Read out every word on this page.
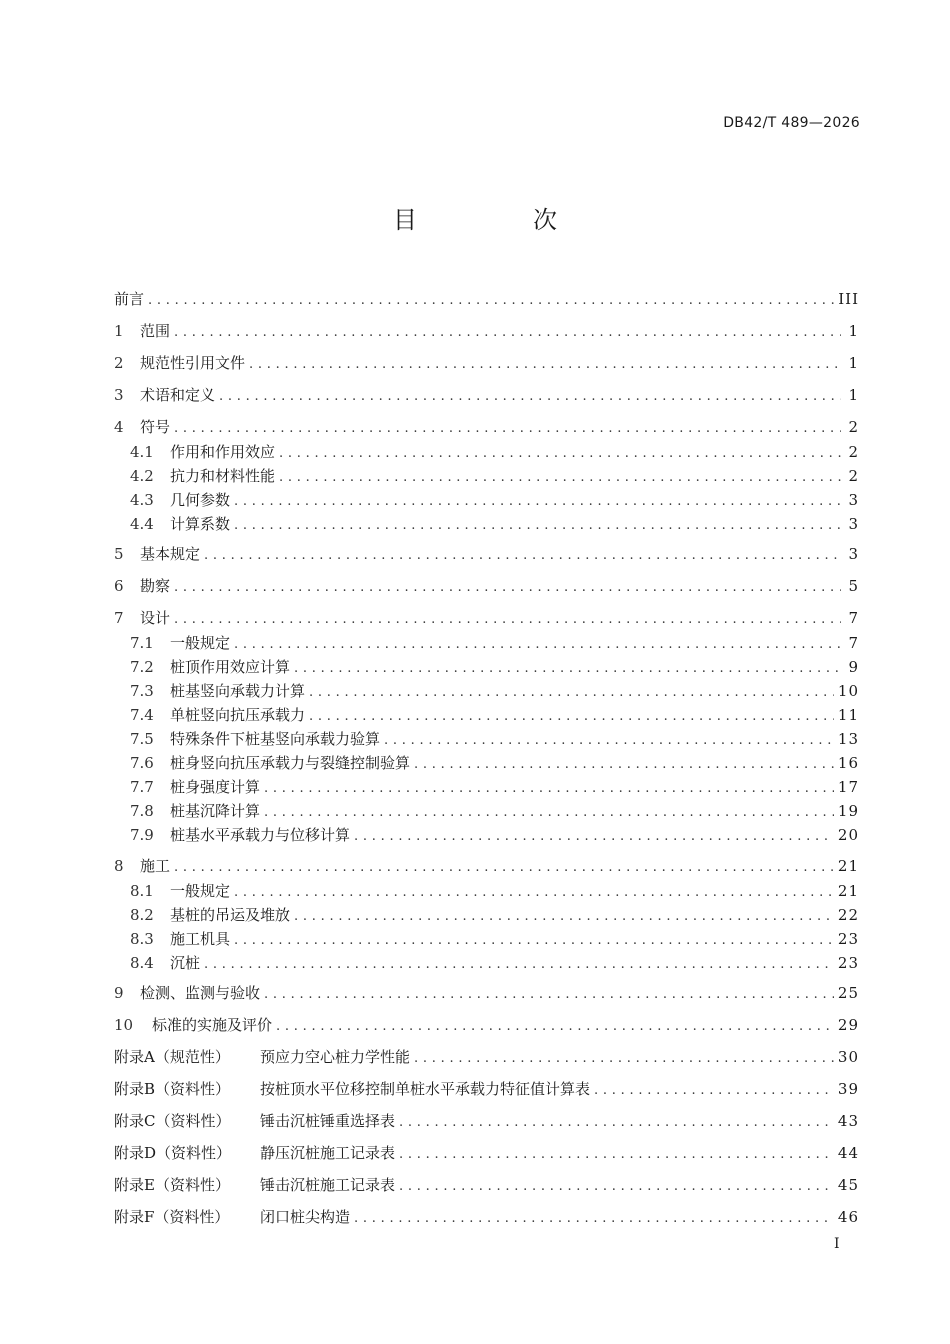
DB42/T 489—2026
目　次
前言 . . .	III
1	范围 . . .	1
2	规范性引用文件 . . .	1
3	术语和定义 . . .	1
4	符号 . . .	2
4.1	作用和作用效应 . . .	2
4.2	抗力和材料性能 . . .	2
4.3	几何参数 . . .	3
4.4	计算系数 . . .	3
5	基本规定 . . .	3
6	勘察 . . .	5
7	设计 . . .	7
7.1	一般规定 . . .	7
7.2	桩顶作用效应计算 . . .	9
7.3	桩基竖向承载力计算 . . .	10
7.4	单桩竖向抗压承载力 . . .	11
7.5	特殊条件下桩基竖向承载力验算 . . .	13
7.6	桩身竖向抗压承载力与裂缝控制验算 . . .	16
7.7	桩身强度计算 . . .	17
7.8	桩基沉降计算 . . .	19
7.9	桩基水平承载力与位移计算 . . .	20
8	施工 . . .	21
8.1	一般规定 . . .	21
8.2	基桩的吊运及堆放 . . .	22
8.3	施工机具 . . .	23
8.4	沉桩 . . .	23
9	检测、监测与验收 . . .	25
10	标准的实施及评价 . . .	29
附录A（规范性）	预应力空心桩力学性能 . . .	30
附录B（资料性）	按桩顶水平位移控制单桩水平承载力特征值计算表 . . .	39
附录C（资料性）	锤击沉桩锤重选择表 . . .	43
附录D（资料性）	静压沉桩施工记录表 . . .	44
附录E（资料性）	锤击沉桩施工记录表 . . .	45
附录F（资料性）	闭口桩尖构造 . . .	46
I
